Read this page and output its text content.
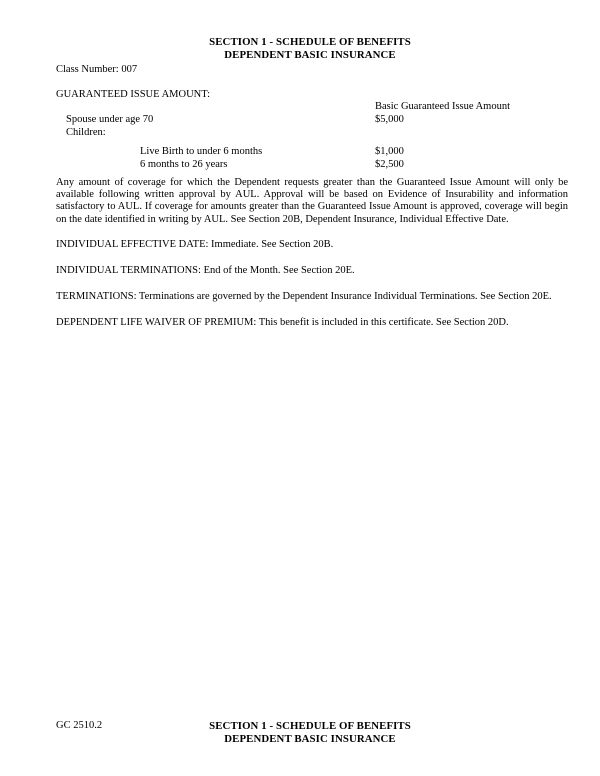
SECTION 1 - SCHEDULE OF BENEFITS
DEPENDENT BASIC INSURANCE
Class Number: 007
GUARANTEED ISSUE AMOUNT:
Basic Guaranteed Issue Amount
Spouse under age 70	$5,000
Children:
Live Birth to under 6 months	$1,000
6 months to 26 years	$2,500
Any amount of coverage for which the Dependent requests greater than the Guaranteed Issue Amount will only be available following written approval by AUL. Approval will be based on Evidence of Insurability and information satisfactory to AUL. If coverage for amounts greater than the Guaranteed Issue Amount is approved, coverage will begin on the date identified in writing by AUL. See Section 20B, Dependent Insurance, Individual Effective Date.
INDIVIDUAL EFFECTIVE DATE: Immediate. See Section 20B.
INDIVIDUAL TERMINATIONS: End of the Month. See Section 20E.
TERMINATIONS: Terminations are governed by the Dependent Insurance Individual Terminations. See Section 20E.
DEPENDENT LIFE WAIVER OF PREMIUM: This benefit is included in this certificate. See Section 20D.
GC 2510.2	SECTION 1 - SCHEDULE OF BENEFITS
DEPENDENT BASIC INSURANCE
